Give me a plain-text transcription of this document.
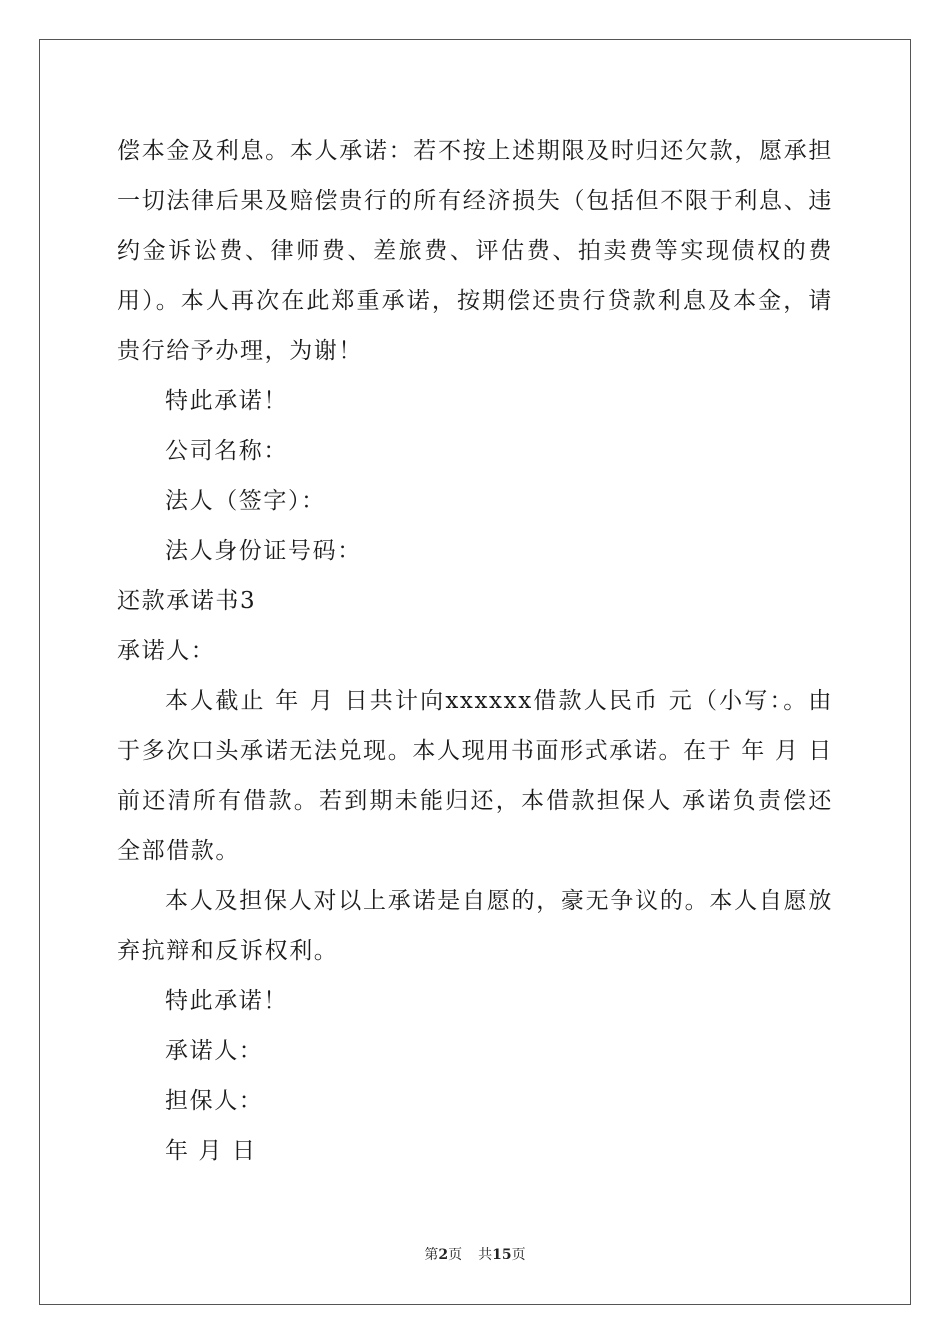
偿本金及利息。本人承诺：若不按上述期限及时归还欠款，愿承担一切法律后果及赔偿贵行的所有经济损失（包括但不限于利息、违约金诉讼费、律师费、差旅费、评估费、拍卖费等实现债权的费用）。本人再次在此郑重承诺，按期偿还贵行贷款利息及本金，请贵行给予办理，为谢！

特此承诺！

公司名称：

法人（签字）：

法人身份证号码：

还款承诺书3

承诺人：

本人截止 年 月 日共计向xxxxxx借款人民币 元（小写：。由于多次口头承诺无法兑现。本人现用书面形式承诺。在于 年 月 日前还清所有借款。若到期未能归还，本借款担保人 承诺负责偿还全部借款。

本人及担保人对以上承诺是自愿的，豪无争议的。本人自愿放弃抗辩和反诉权利。

特此承诺！

承诺人：

担保人：

年 月 日

第2页 共15页
